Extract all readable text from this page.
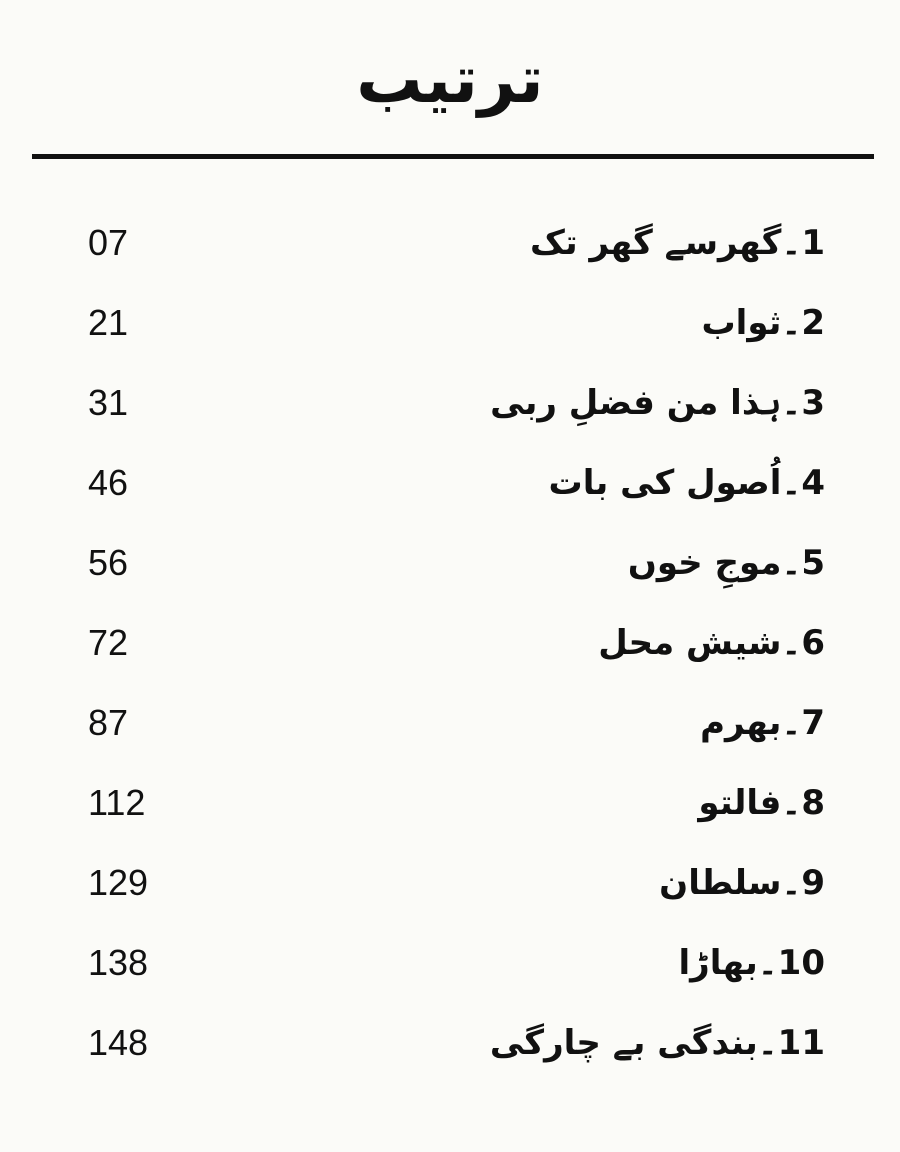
ترتیب
1۔گھرسے گھر تک
07
2۔ثواب
21
3۔ہذا من فضلِ ربی
31
4۔اُصول کی بات
46
5۔موجِ خوں
56
6۔شیش محل
72
7۔بھرم
87
8۔فالتو
112
9۔سلطان
129
10۔بھاڑا
138
11۔بندگی بے چارگی
148
